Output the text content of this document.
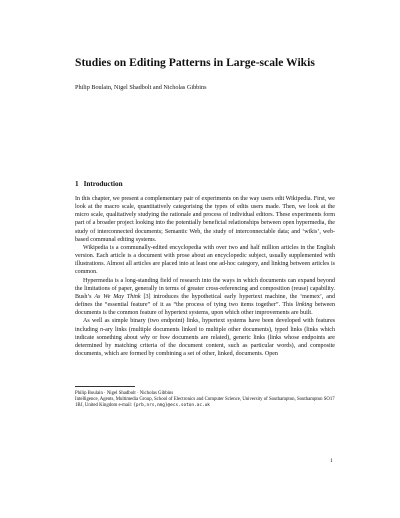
Studies on Editing Patterns in Large-scale Wikis

Philip Boulain, Nigel Shadbolt and Nicholas Gibbins

1 Introduction

In this chapter, we present a complementary pair of experiments on the way users edit Wikipedia. First, we look at the macro scale, quantitatively categorising the types of edits users made. Then, we look at the micro scale, qualitatively studying the rationale and process of individual editors. These experiments form part of a broader project looking into the potentially beneficial relationships between open hypermedia, the study of interconnected documents; Semantic Web, the study of interconnectable data; and ‘wikis’, web-based communal editing systems.

Wikipedia is a communally-edited encyclopedia with over two and half million articles in the English version. Each article is a document with prose about an encyclopedic subject, usually supplemented with illustrations. Almost all articles are placed into at least one ad-hoc category, and linking between articles is common.

Hypermedia is a long-standing field of research into the ways in which documents can expand beyond the limitations of paper, generally in terms of greater cross-referencing and composition (reuse) capability. Bush’s As We May Think [3] introduces the hypothetical early hypertext machine, the ‘memex’, and defines the “essential feature” of it as “the process of tying two items together”. This linking between documents is the common feature of hypertext systems, upon which other improvements are built.

As well as simple binary (two endpoint) links, hypertext systems have been developed with features including n-ary links (multiple documents linked to multiple other documents), typed links (links which indicate something about why or how documents are related), generic links (links whose endpoints are determined by matching criteria of the document content, such as particular words), and composite documents, which are formed by combining a set of other, linked, documents. Open

Philip Boulain · Nigel Shadbolt · Nicholas Gibbins

Intelligence, Agents, Multimedia Group, School of Electronics and Computer Science, University of Southampton, Southampton SO17 1BJ, United Kingdom e-mail: {prb,nrs,nmg}@ecs.soton.ac.uk

1
